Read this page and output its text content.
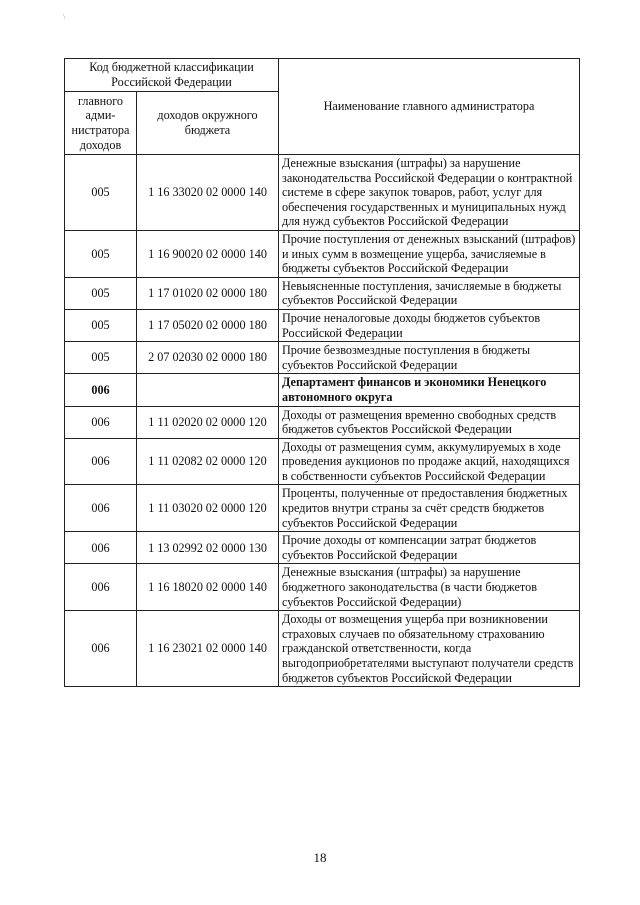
\
Код бюджетной классификации Российской Федерации		Наименование главного администратора
главного адми-нистратора доходов	доходов окружного бюджета	
005	1 16 33020 02 0000 140	Денежные взыскания (штрафы) за нарушение законодательства Российской Федерации о контрактной системе в сфере закупок товаров, работ, услуг для обеспечения государственных и муниципальных нужд для нужд субъектов Российской Федерации
005	1 16 90020 02 0000 140	Прочие поступления от денежных взысканий (штрафов) и иных сумм в возмещение ущерба, зачисляемые в бюджеты субъектов Российской Федерации
005	1 17 01020 02 0000 180	Невыясненные поступления, зачисляемые в бюджеты субъектов Российской Федерации
005	1 17 05020 02 0000 180	Прочие неналоговые доходы бюджетов субъектов Российской Федерации
005	2 07 02030 02 0000 180	Прочие безвозмездные поступления в бюджеты субъектов Российской Федерации
006		Департамент финансов и экономики Ненецкого автономного округа
006	1 11 02020 02 0000 120	Доходы от размещения временно свободных средств бюджетов субъектов Российской Федерации
006	1 11 02082 02 0000 120	Доходы от размещения сумм, аккумулируемых в ходе проведения аукционов по продаже акций, находящихся в собственности субъектов Российской Федерации
006	1 11 03020 02 0000 120	Проценты, полученные от предоставления бюджетных кредитов внутри страны за счёт средств бюджетов субъектов Российской Федерации
006	1 13 02992 02 0000 130	Прочие доходы от компенсации затрат бюджетов субъектов Российской Федерации
006	1 16 18020 02 0000 140	Денежные взыскания (штрафы) за нарушение бюджетного законодательства (в части бюджетов субъектов Российской Федерации)
006	1 16 23021 02 0000 140	Доходы от возмещения ущерба при возникновении страховых случаев по обязательному страхованию гражданской ответственности, когда выгодоприобретателями выступают получатели средств бюджетов субъектов Российской Федерации
18
